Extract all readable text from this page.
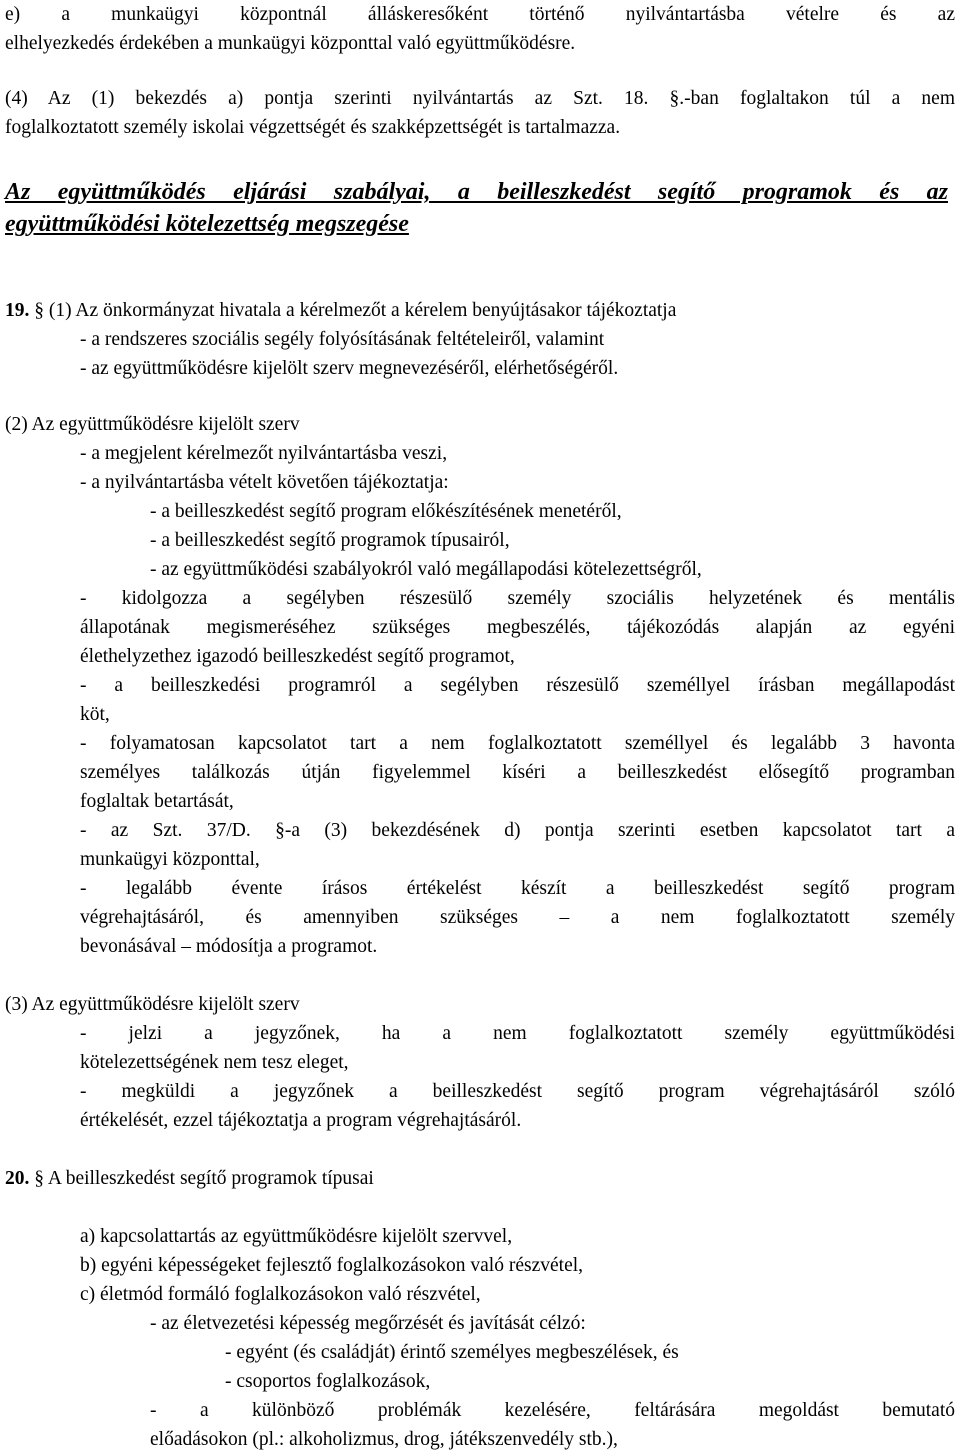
e) a munkaügyi központnál álláskeresőként történő nyilvántartásba vételre és az
elhelyezkedés érdekében a munkaügyi központtal való együttműködésre.
(4) Az (1) bekezdés a) pontja szerinti nyilvántartás az Szt. 18. §.-ban foglaltakon túl a nem
foglalkoztatott személy iskolai végzettségét és szakképzettségét is tartalmazza.
Az együttműködés eljárási szabályai, a beilleszkedést segítő programok és az
együttműködési kötelezettség megszegése
19. § (1) Az önkormányzat hivatala a kérelmezőt a kérelem benyújtásakor tájékoztatja
- a rendszeres szociális segély folyósításának feltételeiről, valamint
- az együttműködésre kijelölt szerv megnevezéséről, elérhetőségéről.
(2) Az együttműködésre kijelölt szerv
- a megjelent kérelmezőt nyilvántartásba veszi,
- a nyilvántartásba vételt követően tájékoztatja:
- a beilleszkedést segítő program előkészítésének menetéről,
- a beilleszkedést segítő programok típusairól,
- az együttműködési szabályokról való megállapodási kötelezettségről,
- kidolgozza a segélyben részesülő személy szociális helyzetének és mentális
állapotának megismeréséhez szükséges megbeszélés, tájékozódás alapján az egyéni
élethelyzethez igazodó beilleszkedést segítő programot,
- a beilleszkedési programról a segélyben részesülő személlyel írásban megállapodást
köt,
- folyamatosan kapcsolatot tart a nem foglalkoztatott személlyel és legalább 3 havonta
személyes találkozás útján figyelemmel kíséri a beilleszkedést elősegítő programban
foglaltak betartását,
- az Szt. 37/D. §-a (3) bekezdésének d) pontja szerinti esetben kapcsolatot tart a
munkaügyi központtal,
- legalább évente írásos értékelést készít a beilleszkedést segítő program
végrehajtásáról, és amennyiben szükséges – a nem foglalkoztatott személy
bevonásával – módosítja a programot.
(3) Az együttműködésre kijelölt szerv
- jelzi a jegyzőnek, ha a nem foglalkoztatott személy együttműködési
kötelezettségének nem tesz eleget,
- megküldi a jegyzőnek a beilleszkedést segítő program végrehajtásáról szóló
értékelését, ezzel tájékoztatja a program végrehajtásáról.
20. § A beilleszkedést segítő programok típusai
a) kapcsolattartás az együttműködésre kijelölt szervvel,
b) egyéni képességeket fejlesztő foglalkozásokon való részvétel,
c) életmód formáló foglalkozásokon való részvétel,
- az életvezetési képesség megőrzését és javítását célzó:
- egyént (és családját) érintő személyes megbeszélések, és
- csoportos foglalkozások,
- a különböző problémák kezelésére, feltárására megoldást bemutató
előadásokon (pl.: alkoholizmus, drog, játékszenvedély stb.),
